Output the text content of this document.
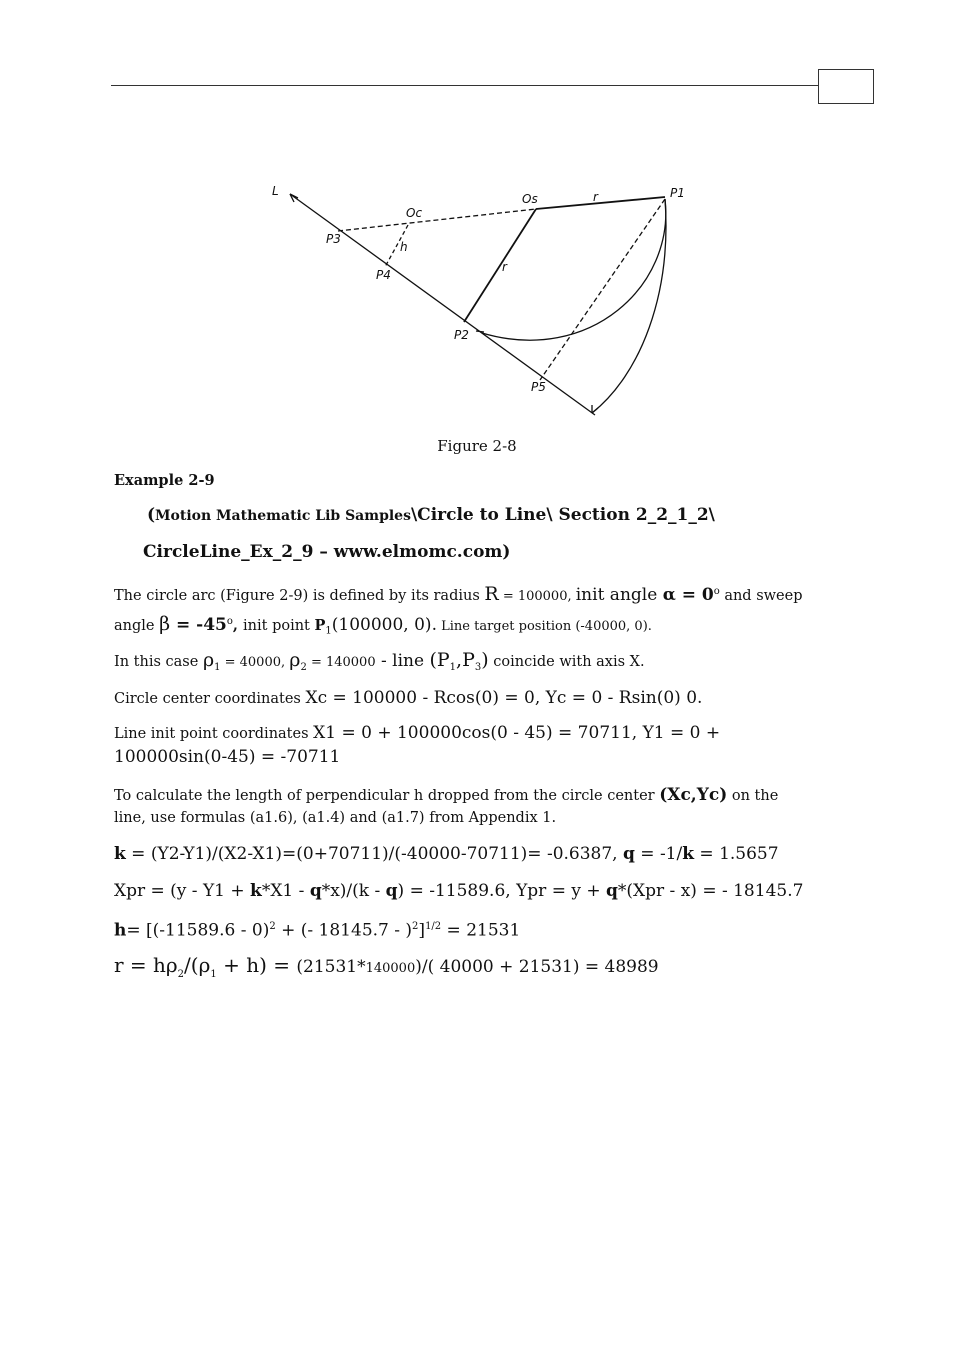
L
Oc
Os	r	P1
P3
h
P4
r
P2
P5
Figure 2-8
Example 2-9
(Motion Mathematic Lib Samples\Circle to Line\ Section 2_2_1_2\
CircleLine_Ex_2_9 – www.elmomc.com)
The circle arc (Figure 2-9) is defined by its radius R = 100000, init angle $\alpha = 0^o$ and sweep angle $\beta = -45^o$, init point $P_1(100000$, 0). Line target position (-40000, 0).
In this case $\rho_1 = 40000$, $\rho_2 = 140000$ - line $(P_1,P_3)$ coincide with axis X.
Circle center coordinates Xc = 100000 - Rcos(0) = 0, Yc = 0 - Rsin(0) 0.
Line init point coordinates X1 = 0 + 100000cos(0 - 45) = 70711, Y1 = 0 + 100000sin(0-45) = -70711
To calculate the length of perpendicular h dropped from the circle center (Xc,Yc) on the line, use formulas (a1.6), (a1.4) and (a1.7) from Appendix 1.
k = (Y2-Y1)/(X2-X1)=(0+70711)/(-40000-70711)= -0.6387, q = -1/k = 1.5657
Xpr = (y - Y1 + k*X1 - q*x)/(k - q) = -11589.6, Ypr = y + q*(Xpr - x) = - 18145.7
h= [(-11589.6 - 0)$^2$ + (- 18145.7 - )$^2$]$^{1/2}$ = 21531
$r = h\rho_2/(\rho_1 + h) = (21531*140000)/$( 40000 + 21531) = 48989
